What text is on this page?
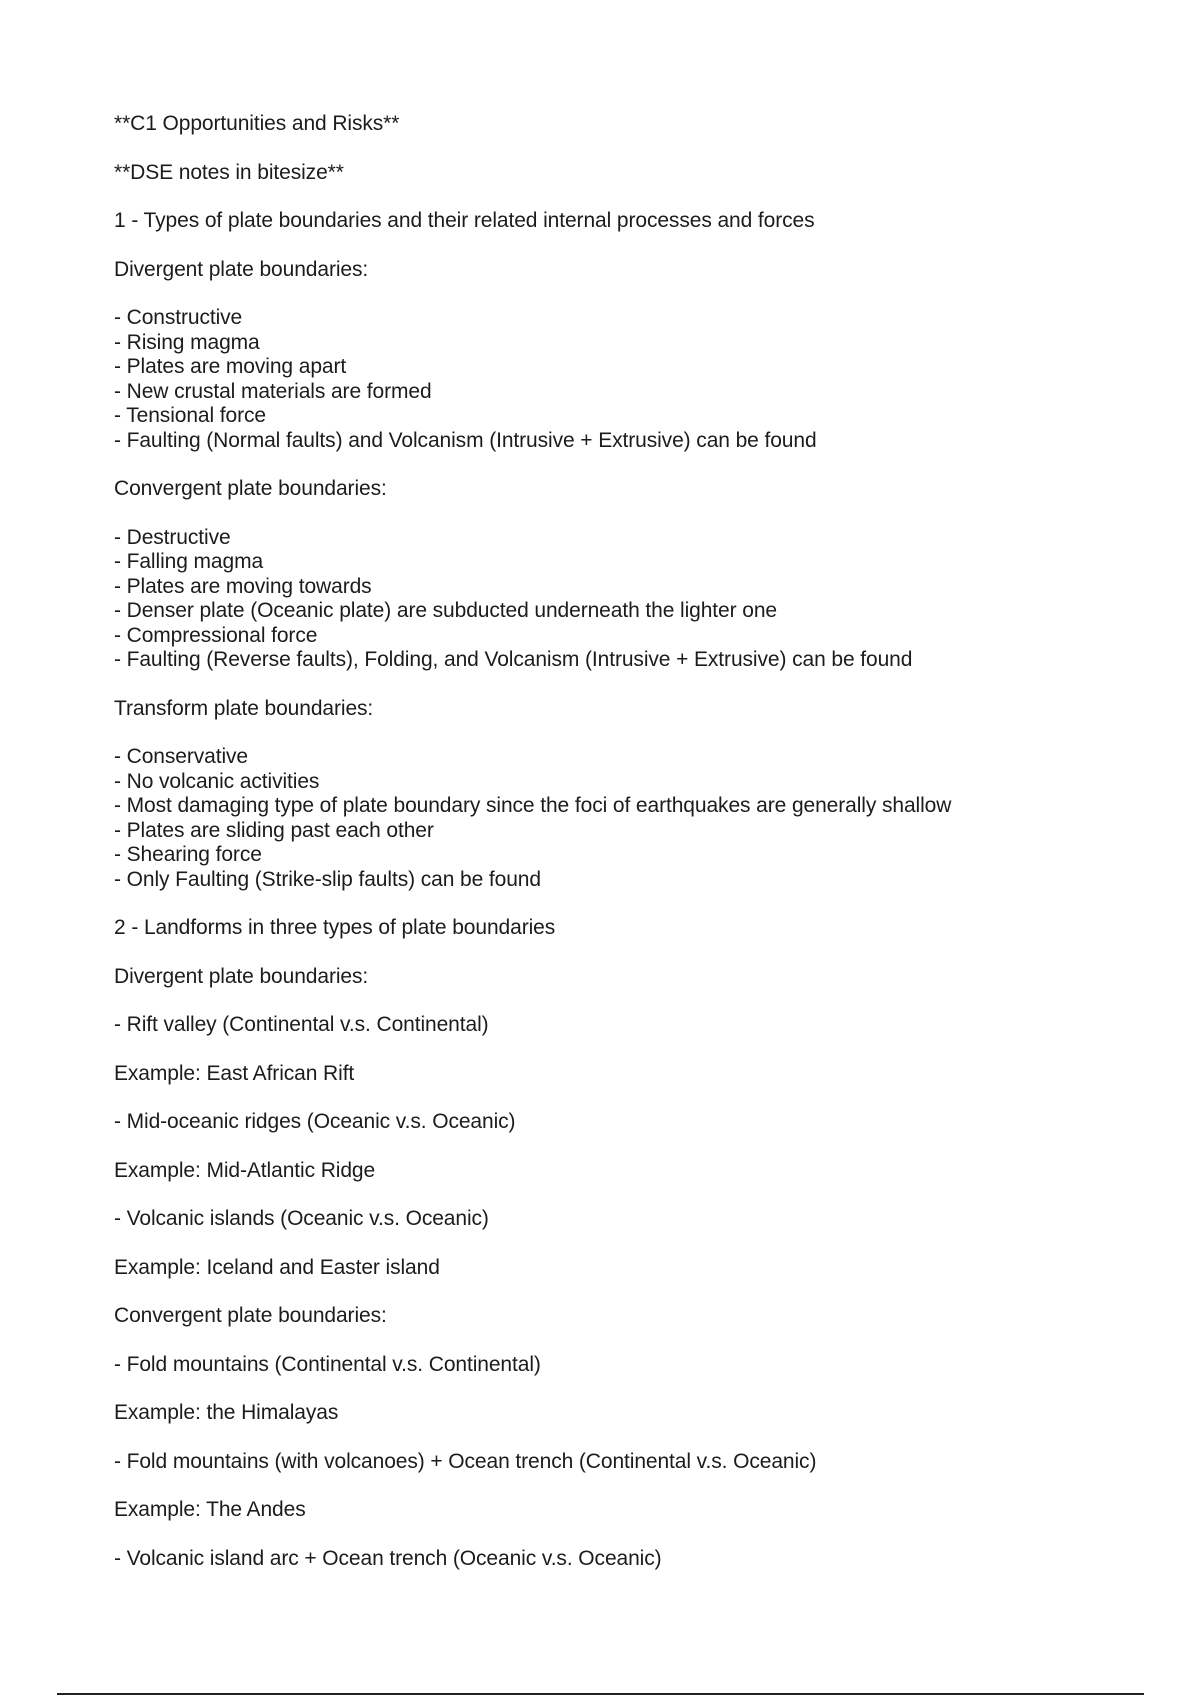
**C1 Opportunities and Risks**
**DSE notes in bitesize**
1 - Types of plate boundaries and their related internal processes and forces
Divergent plate boundaries:
- Constructive
- Rising magma
- Plates are moving apart
- New crustal materials are formed
- Tensional force
- Faulting (Normal faults) and Volcanism (Intrusive + Extrusive) can be found
Convergent plate boundaries:
- Destructive
- Falling magma
- Plates are moving towards
- Denser plate (Oceanic plate) are subducted underneath the lighter one
- Compressional force
- Faulting (Reverse faults), Folding, and Volcanism (Intrusive + Extrusive) can be found
Transform plate boundaries:
- Conservative
- No volcanic activities
- Most damaging type of plate boundary since the foci of earthquakes are generally shallow
- Plates are sliding past each other
- Shearing force
- Only Faulting (Strike-slip faults) can be found
2 - Landforms in three types of plate boundaries
Divergent plate boundaries:
- Rift valley (Continental v.s. Continental)
Example: East African Rift
- Mid-oceanic ridges (Oceanic v.s. Oceanic)
Example: Mid-Atlantic Ridge
- Volcanic islands (Oceanic v.s. Oceanic)
Example: Iceland and Easter island
Convergent plate boundaries:
- Fold mountains (Continental v.s. Continental)
Example: the Himalayas
- Fold mountains (with volcanoes) + Ocean trench (Continental v.s. Oceanic)
Example: The Andes
- Volcanic island arc + Ocean trench (Oceanic v.s. Oceanic)
